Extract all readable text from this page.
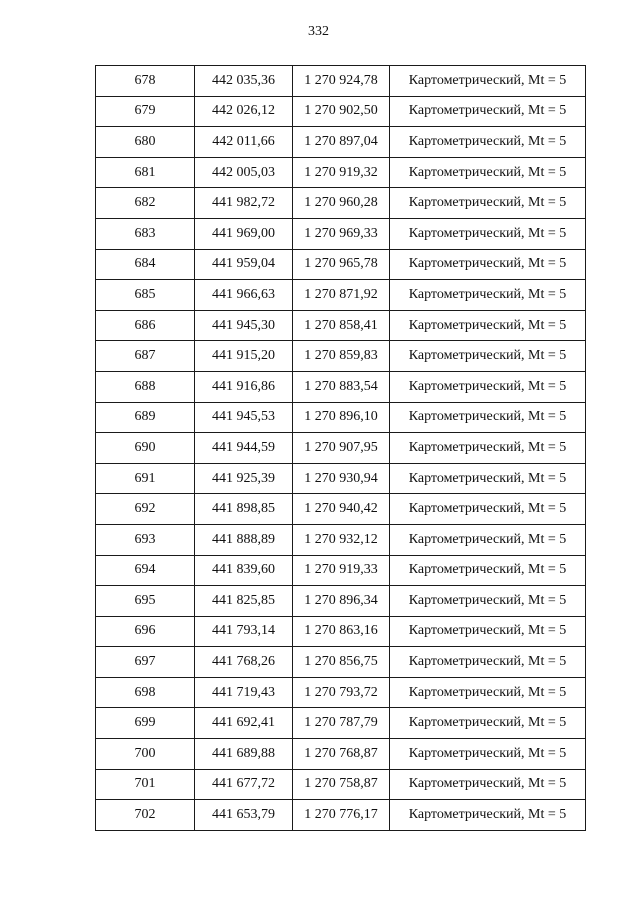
332
678	442 035,36	1 270 924,78	Картометрический, Mt = 5
679	442 026,12	1 270 902,50	Картометрический, Mt = 5
680	442 011,66	1 270 897,04	Картометрический, Mt = 5
681	442 005,03	1 270 919,32	Картометрический, Mt = 5
682	441 982,72	1 270 960,28	Картометрический, Mt = 5
683	441 969,00	1 270 969,33	Картометрический, Mt = 5
684	441 959,04	1 270 965,78	Картометрический, Mt = 5
685	441 966,63	1 270 871,92	Картометрический, Mt = 5
686	441 945,30	1 270 858,41	Картометрический, Mt = 5
687	441 915,20	1 270 859,83	Картометрический, Mt = 5
688	441 916,86	1 270 883,54	Картометрический, Mt = 5
689	441 945,53	1 270 896,10	Картометрический, Mt = 5
690	441 944,59	1 270 907,95	Картометрический, Mt = 5
691	441 925,39	1 270 930,94	Картометрический, Mt = 5
692	441 898,85	1 270 940,42	Картометрический, Mt = 5
693	441 888,89	1 270 932,12	Картометрический, Mt = 5
694	441 839,60	1 270 919,33	Картометрический, Mt = 5
695	441 825,85	1 270 896,34	Картометрический, Mt = 5
696	441 793,14	1 270 863,16	Картометрический, Mt = 5
697	441 768,26	1 270 856,75	Картометрический, Mt = 5
698	441 719,43	1 270 793,72	Картометрический, Mt = 5
699	441 692,41	1 270 787,79	Картометрический, Mt = 5
700	441 689,88	1 270 768,87	Картометрический, Mt = 5
701	441 677,72	1 270 758,87	Картометрический, Mt = 5
702	441 653,79	1 270 776,17	Картометрический, Mt = 5
